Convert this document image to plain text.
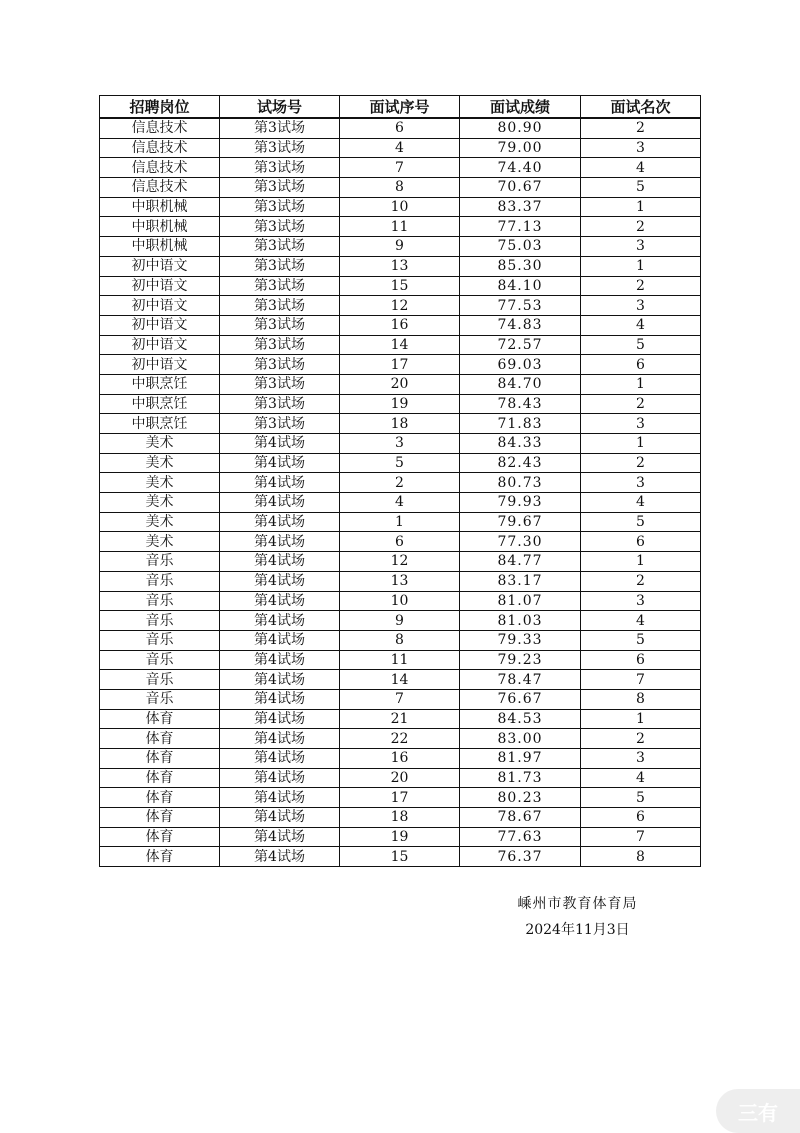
招聘岗位	试场号	面试序号	面试成绩	面试名次
信息技术	第3试场	6	80.90	2
信息技术	第3试场	4	79.00	3
信息技术	第3试场	7	74.40	4
信息技术	第3试场	8	70.67	5
中职机械	第3试场	10	83.37	1
中职机械	第3试场	11	77.13	2
中职机械	第3试场	9	75.03	3
初中语文	第3试场	13	85.30	1
初中语文	第3试场	15	84.10	2
初中语文	第3试场	12	77.53	3
初中语文	第3试场	16	74.83	4
初中语文	第3试场	14	72.57	5
初中语文	第3试场	17	69.03	6
中职烹饪	第3试场	20	84.70	1
中职烹饪	第3试场	19	78.43	2
中职烹饪	第3试场	18	71.83	3
美术	第4试场	3	84.33	1
美术	第4试场	5	82.43	2
美术	第4试场	2	80.73	3
美术	第4试场	4	79.93	4
美术	第4试场	1	79.67	5
美术	第4试场	6	77.30	6
音乐	第4试场	12	84.77	1
音乐	第4试场	13	83.17	2
音乐	第4试场	10	81.07	3
音乐	第4试场	9	81.03	4
音乐	第4试场	8	79.33	5
音乐	第4试场	11	79.23	6
音乐	第4试场	14	78.47	7
音乐	第4试场	7	76.67	8
体育	第4试场	21	84.53	1
体育	第4试场	22	83.00	2
体育	第4试场	16	81.97	3
体育	第4试场	20	81.73	4
体育	第4试场	17	80.23	5
体育	第4试场	18	78.67	6
体育	第4试场	19	77.63	7
体育	第4试场	15	76.37	8
嵊州市教育体育局
2024年11月3日
三有
